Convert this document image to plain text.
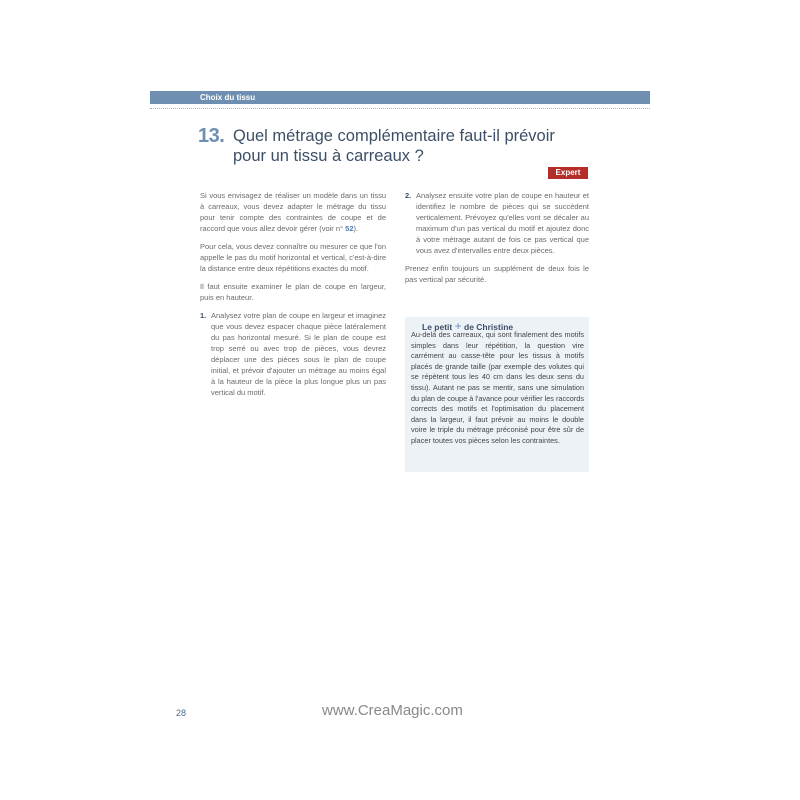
Choix du tissu
13. Quel métrage complémentaire faut-il prévoir
pour un tissu à carreaux ?
Expert

Si vous envisagez de réaliser un modèle dans un tissu à carreaux, vous devez adapter le métrage du tissu pour tenir compte des contraintes de coupe et de raccord que vous allez devoir gérer (voir n° 52).

Pour cela, vous devez connaître ou mesurer ce que l'on appelle le pas du motif horizontal et vertical, c'est-à-dire la distance entre deux répétitions exactes du motif.

Il faut ensuite examiner le plan de coupe en largeur, puis en hauteur.

1. Analysez votre plan de coupe en largeur et imaginez que vous devez espacer chaque pièce latéralement du pas horizontal mesuré. Si le plan de coupe est trop serré ou avec trop de pièces, vous devrez déplacer une des pièces sous le plan de coupe initial, et prévoir d'ajouter un métrage au moins égal à la hauteur de la pièce la plus longue plus un pas vertical du motif.
2. Analysez ensuite votre plan de coupe en hauteur et identifiez le nombre de pièces qui se succèdent verticalement. Prévoyez qu'elles vont se décaler au maximum d'un pas vertical du motif et ajoutez donc à votre métrage autant de fois ce pas vertical que vous avez d'intervalles entre deux pièces.

Prenez enfin toujours un supplément de deux fois le pas vertical par sécurité.

Le petit + de Christine
Au-delà des carreaux, qui sont finalement des motifs simples dans leur répétition, la question vire carrément au casse-tête pour les tissus à motifs placés de grande taille (par exemple des volutes qui se répètent tous les 40 cm dans les deux sens du tissu). Autant ne pas se mentir, sans une simulation du plan de coupe à l'avance pour vérifier les raccords corrects des motifs et l'optimisation du placement dans la largeur, il faut prévoir au moins le double voire le triple du métrage préconisé pour être sûr de placer toutes vos pièces selon les contraintes.
28	www.CreaMagic.com
